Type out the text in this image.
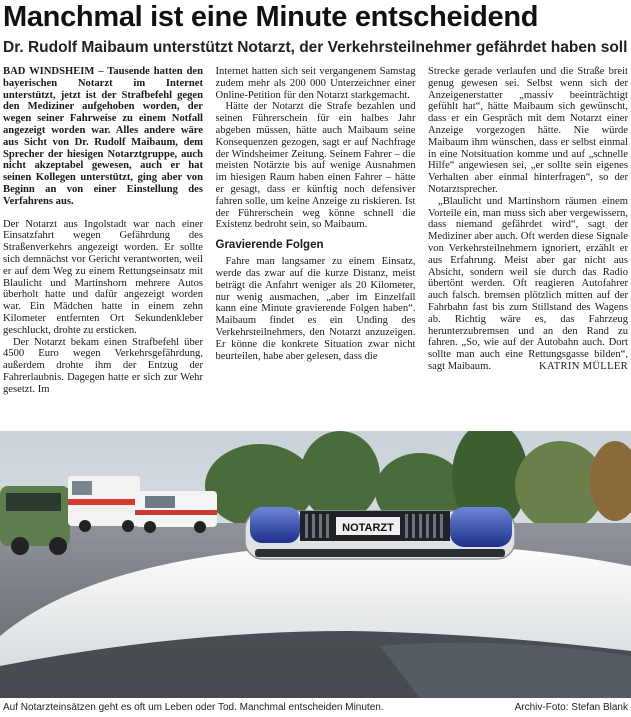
Manchmal ist eine Minute entscheidend
Dr. Rudolf Maibaum unterstützt Notarzt, der Verkehrsteilnehmer gefährdet haben soll

BAD WINDSHEIM – Tausende hatten den bayerischen Notarzt im Internet unterstützt, jetzt ist der Strafbefehl gegen den Mediziner aufgehoben worden, der wegen seiner Fahrweise zu einem Notfall angezeigt worden war. Alles andere wäre aus Sicht von Dr. Rudolf Maibaum, dem Sprecher der hiesigen Notarztgruppe, auch nicht akzeptabel gewesen, auch er hat seinen Kollegen unterstützt, ging aber von Beginn an von einer Einstellung des Verfahrens aus.

Der Notarzt aus Ingolstadt war nach einer Einsatzfahrt wegen Gefährdung des Straßenverkehrs angezeigt worden. Er sollte sich demnächst vor Gericht verantworten, weil er auf dem Weg zu einem Rettungseinsatz mit Blaulicht und Martinshorn mehrere Autos überholt hatte und dafür angezeigt worden war. Ein Mädchen hatte in einem zehn Kilometer entfernten Ort Sekundenkleber geschluckt, drohte zu ersticken.

Der Notarzt bekam einen Strafbefehl über 4500 Euro wegen Verkehrsgefährdung, außerdem drohte ihm der Entzug der Fahrerlaubnis. Dagegen hatte er sich zur Wehr gesetzt. Im

Internet hatten sich seit vergangenem Samstag zudem mehr als 200 000 Unterzeichner einer Online-Petition für den Notarzt starkgemacht.

Hätte der Notarzt die Strafe bezahlen und seinen Führerschein für ein halbes Jahr abgeben müssen, hätte auch Maibaum seine Konsequenzen gezogen, sagt er auf Nachfrage der Windsheimer Zeitung. Seinem Fahrer – die meisten Notärzte bis auf wenige Ausnahmen im hiesigen Raum haben einen Fahrer – hätte er gesagt, dass er künftig noch defensiver fahren solle, um keine Anzeige zu riskieren. Ist der Führerschein weg könne schnell die Existenz bedroht sein, so Maibaum.

Gravierende Folgen

Fahre man langsamer zu einem Einsatz, werde das zwar auf die kurze Distanz, meist beträgt die Anfahrt weniger als 20 Kilometer, nur wenig ausmachen, „aber im Einzelfall kann eine Minute gravierende Folgen haben“. Maibaum findet es ein Unding des Verkehrsteilnehmers, den Notarzt anzuzeigen. Er könne die konkrete Situation zwar nicht beurteilen, habe aber gelesen, dass die

Strecke gerade verlaufen und die Straße breit genug gewesen sei. Selbst wenn sich der Anzeigenerstatter „massiv beeinträchtigt gefühlt hat“, hätte Maibaum sich gewünscht, dass er ein Gespräch mit dem Notarzt einer Anzeige vorgezogen hätte. Nie würde Maibaum ihm wünschen, dass er selbst einmal in eine Notsituation komme und auf „schnelle Hilfe“ angewiesen sei, „er sollte sein eigenes Verhalten aber einmal hinterfragen“, so der Notarztsprecher.

„Blaulicht und Martinshorn räumen einem Vorteile ein, man muss sich aber vergewissern, dass niemand gefährdet wird“, sagt der Mediziner aber auch. Oft werden diese Signale von Verkehrsteilnehmern ignoriert, erzählt er aus Erfahrung. Meist aber gar nicht aus Absicht, sondern weil sie durch das Radio übertönt werden. Oft reagieren Autofahrer auch falsch. bremsen plötzlich mitten auf der Fahrbahn fast bis zum Stillstand des Wagens ab. Richtig wäre es, das Fahrzeug herunterzubremsen und an den Rand zu fahren. „So, wie auf der Autobahn auch. Dort sollte man auch eine Rettungsgasse bilden“, sagt Maibaum.	KATRIN MÜLLER

NOTARZT
Auf Notarzteinsätzen geht es oft um Leben oder Tod. Manchmal entscheiden Minuten.	Archiv-Foto: Stefan Blank
